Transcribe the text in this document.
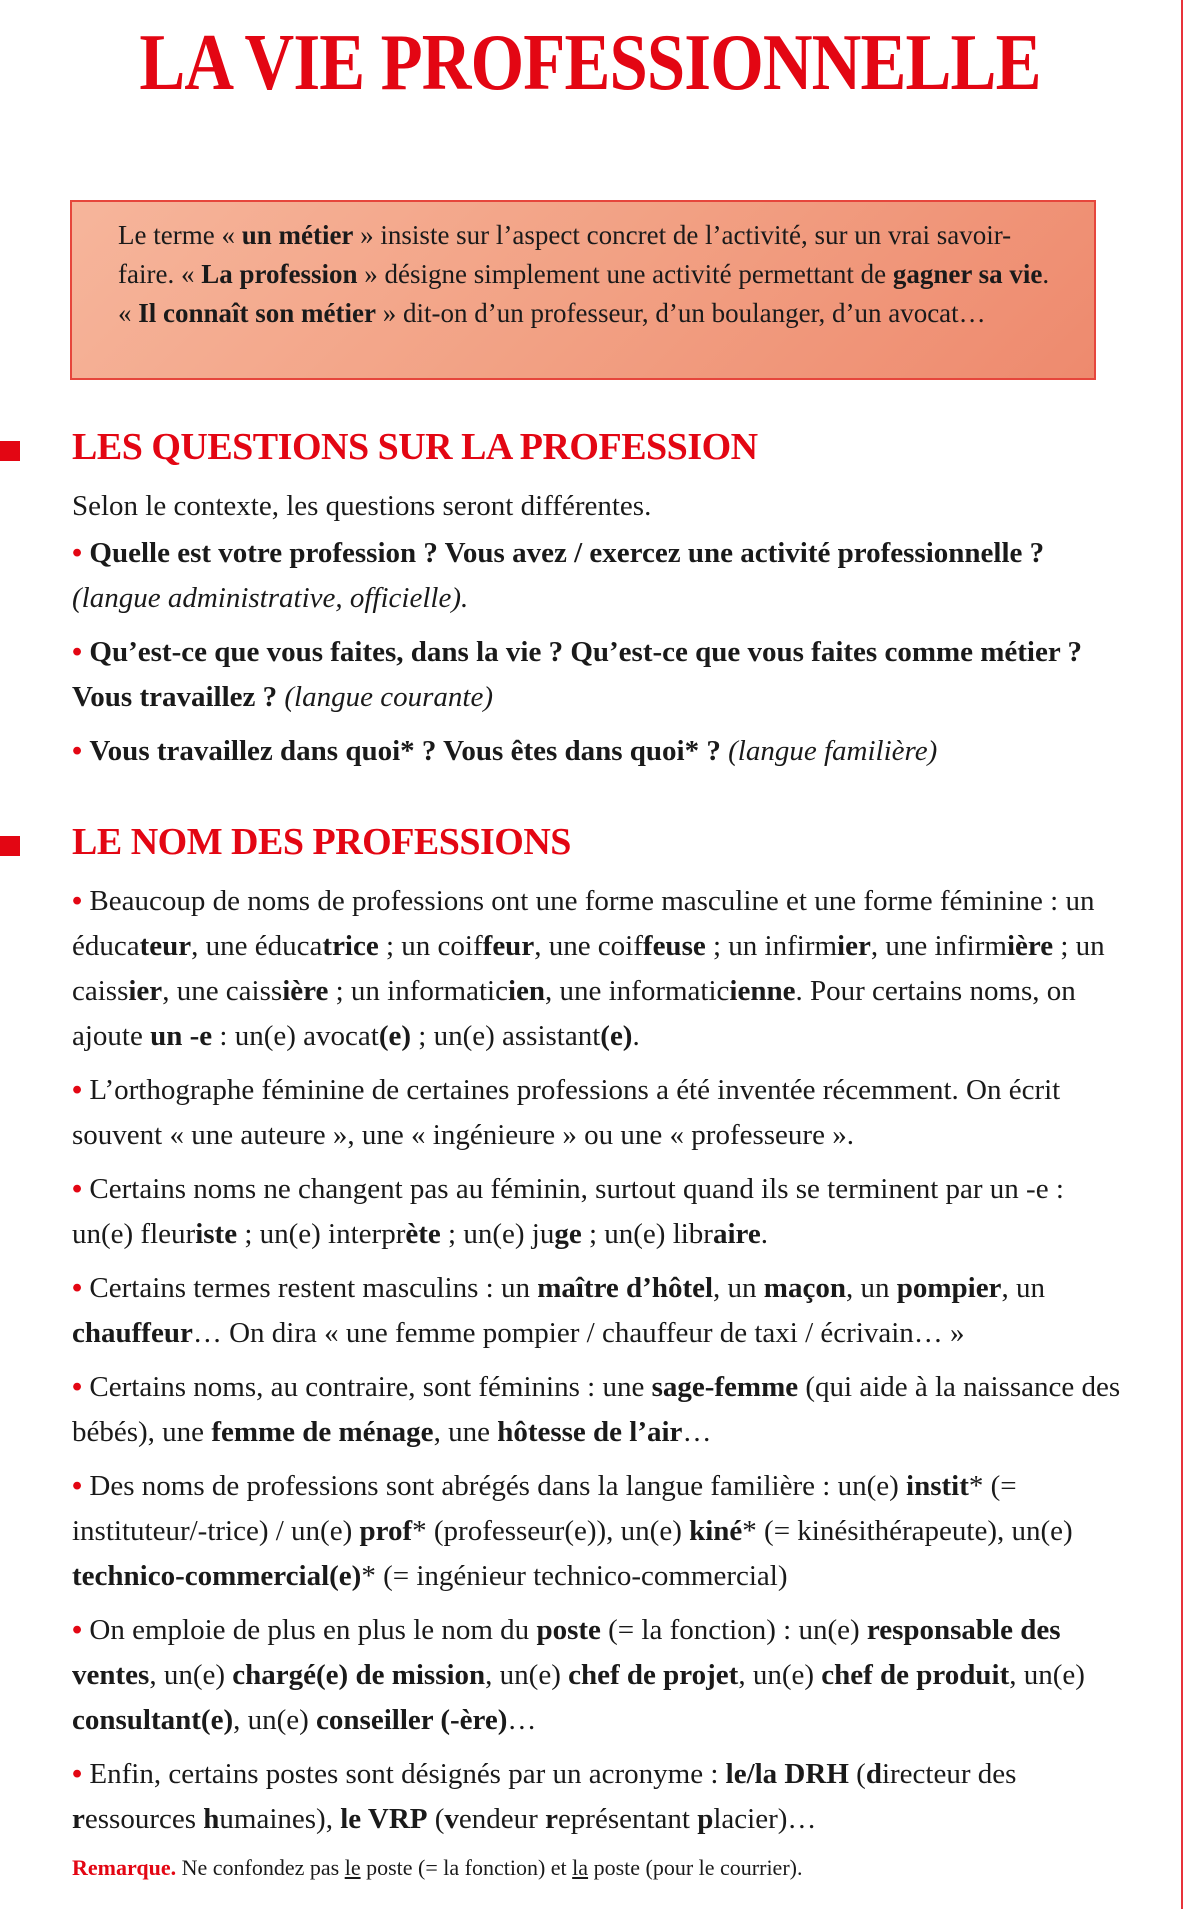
LA VIE PROFESSIONNELLE

Le terme « un métier » insiste sur l’aspect concret de l’activité, sur un vrai savoir-faire. « La profession » désigne simplement une activité permettant de gagner sa vie.

« Il connaît son métier » dit-on d’un professeur, d’un boulanger, d’un avocat…

LES QUESTIONS SUR LA PROFESSION

Selon le contexte, les questions seront différentes.

• Quelle est votre profession ? Vous avez / exercez une activité professionnelle ? (langue administrative, officielle).

• Qu’est-ce que vous faites, dans la vie ? Qu’est-ce que vous faites comme métier ? Vous travaillez ? (langue courante)

• Vous travaillez dans quoi* ? Vous êtes dans quoi* ? (langue familière)

LE NOM DES PROFESSIONS

• Beaucoup de noms de professions ont une forme masculine et une forme féminine : un éducateur, une éducatrice ; un coiffeur, une coiffeuse ; un infirmier, une infirmière ; un caissier, une caissière ; un informaticien, une informaticienne. Pour certains noms, on ajoute un -e : un(e) avocat(e) ; un(e) assistant(e).

• L’orthographe féminine de certaines professions a été inventée récemment. On écrit souvent « une auteure », une « ingénieure » ou une « professeure ».

• Certains noms ne changent pas au féminin, surtout quand ils se terminent par un -e : un(e) fleuriste ; un(e) interprète ; un(e) juge ; un(e) libraire.

• Certains termes restent masculins : un maître d’hôtel, un maçon, un pompier, un chauffeur… On dira « une femme pompier / chauffeur de taxi / écrivain… »

• Certains noms, au contraire, sont féminins : une sage-femme (qui aide à la naissance des bébés), une femme de ménage, une hôtesse de l’air…

• Des noms de professions sont abrégés dans la langue familière : un(e) instit* (= instituteur/-trice) / un(e) prof* (professeur(e)), un(e) kiné* (= kinésithérapeute), un(e) technico-commercial(e)* (= ingénieur technico-commercial)

• On emploie de plus en plus le nom du poste (= la fonction) : un(e) responsable des ventes, un(e) chargé(e) de mission, un(e) chef de projet, un(e) chef de produit, un(e) consultant(e), un(e) conseiller (-ère)…

• Enfin, certains postes sont désignés par un acronyme : le/la DRH (directeur des ressources humaines), le VRP (vendeur représentant placier)…

Remarque. Ne confondez pas le poste (= la fonction) et la poste (pour le courrier).
